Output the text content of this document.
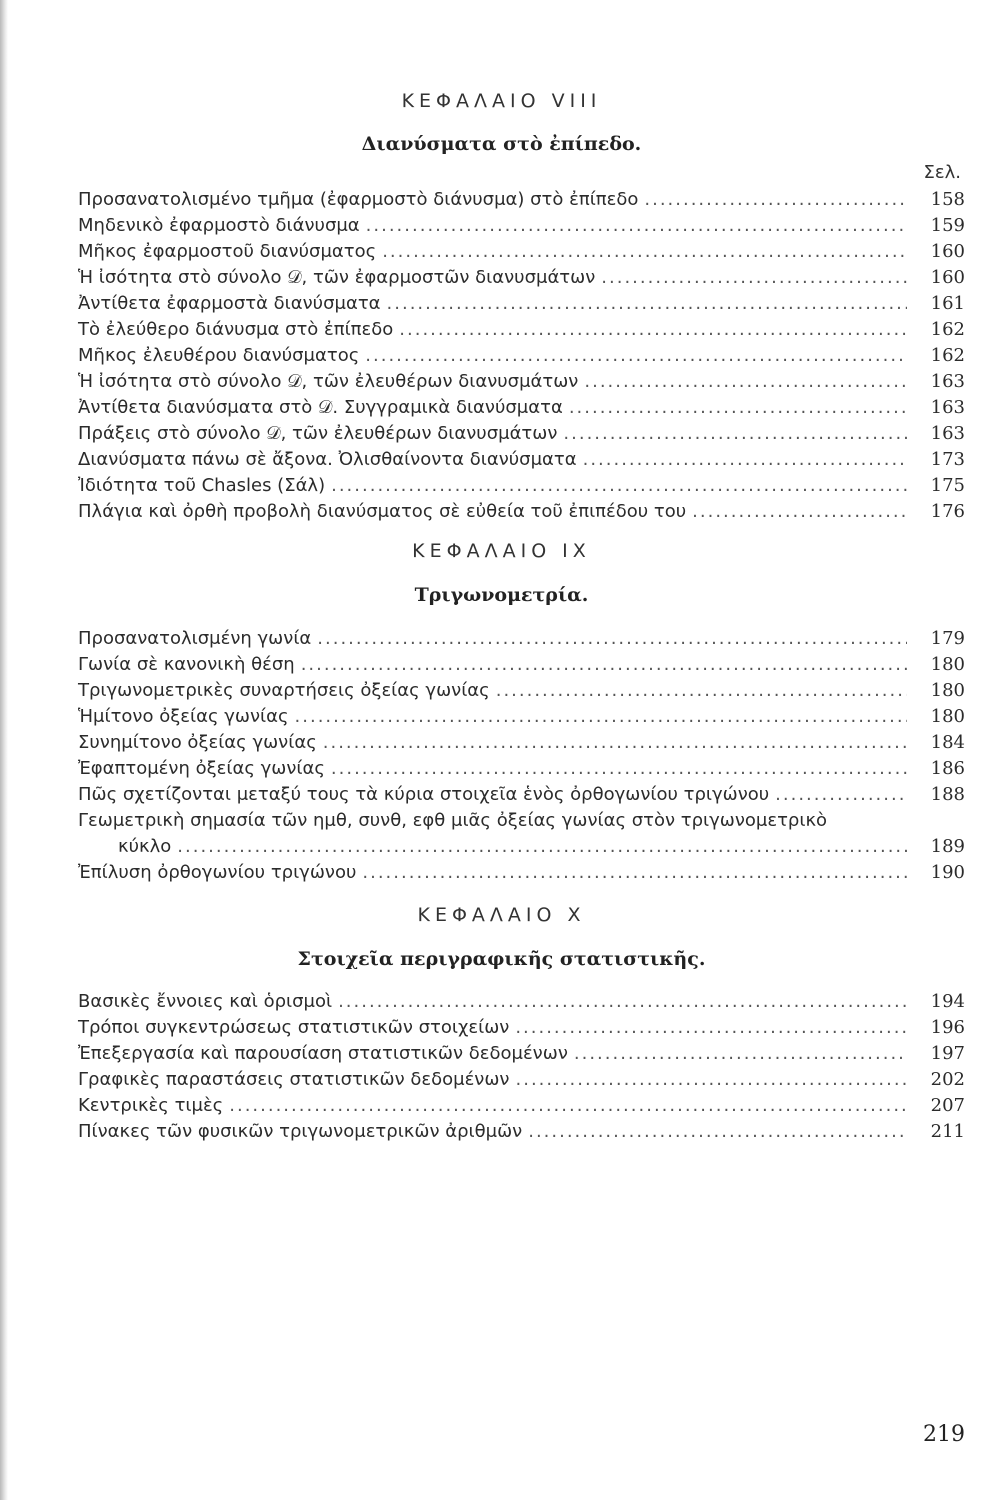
ΚΕΦΑΛΑΙΟ VIII
Διανύσματα στὸ ἐπίπεδο.
Σελ.
Προσανατολισμένο τμῆμα (ἐφαρμοστὸ διάνυσμα) στὸ ἐπίπεδο .....	158
Μηδενικὸ ἐφαρμοστὸ διάνυσμα .....	159
Μῆκος ἐφαρμοστοῦ διανύσματος .....	160
Ἡ ἰσότητα στὸ σύνολο 𝒟, τῶν ἐφαρμοστῶν διανυσμάτων .....	160
Ἀντίθετα ἐφαρμοστὰ διανύσματα .....	161
Τὸ ἐλεύθερο διάνυσμα στὸ ἐπίπεδο .....	162
Μῆκος ἐλευθέρου διανύσματος .....	162
Ἡ ἰσότητα στὸ σύνολο 𝒟, τῶν ἐλευθέρων διανυσμάτων .....	163
Ἀντίθετα διανύσματα στὸ 𝒟. Συγγραμικὰ διανύσματα .....	163
Πράξεις στὸ σύνολο 𝒟, τῶν ἐλευθέρων διανυσμάτων .....	163
Διανύσματα πάνω σὲ ἄξονα. Ὀλισθαίνοντα διανύσματα .....	173
Ἰδιότητα τοῦ Chasles (Σάλ) .....	175
Πλάγια καὶ ὀρθὴ προβολὴ διανύσματος σὲ εὐθεία τοῦ ἐπιπέδου του .....	176
ΚΕΦΑΛΑΙΟ IX
Τριγωνομετρία.
Προσανατολισμένη γωνία .....	179
Γωνία σὲ κανονικὴ θέση .....	180
Τριγωνομετρικὲς συναρτήσεις ὀξείας γωνίας .....	180
Ἡμίτονο ὀξείας γωνίας .....	180
Συνημίτονο ὀξείας γωνίας .....	184
Ἐφαπτομένη ὀξείας γωνίας .....	186
Πῶς σχετίζονται μεταξύ τους τὰ κύρια στοιχεῖα ἑνὸς ὀρθογωνίου τριγώνου .....	188
Γεωμετρικὴ σημασία τῶν ημθ, συνθ, εφθ μιᾶς ὀξείας γωνίας στὸν τριγωνομετρικὸ
κύκλο .....	189
Ἐπίλυση ὀρθογωνίου τριγώνου .....	190
ΚΕΦΑΛΑΙΟ X
Στοιχεῖα περιγραφικῆς στατιστικῆς.
Βασικὲς ἔννοιες καὶ ὁρισμοὶ .....	194
Τρόποι συγκεντρώσεως στατιστικῶν στοιχείων .....	196
Ἐπεξεργασία καὶ παρουσίαση στατιστικῶν δεδομένων .....	197
Γραφικὲς παραστάσεις στατιστικῶν δεδομένων .....	202
Κεντρικὲς τιμὲς .....	207
Πίνακες τῶν φυσικῶν τριγωνομετρικῶν ἀριθμῶν .....	211
219
